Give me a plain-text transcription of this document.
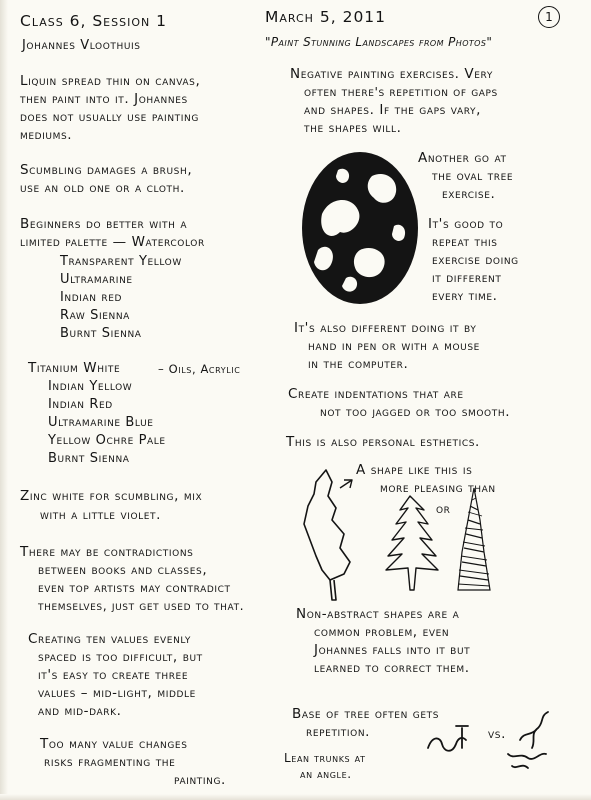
Class 6, Session 1
Johannes Vloothuis
March 5, 2011
"Paint Stunning Landscapes from Photos"
1
Liquin spread thin on canvas,
then paint into it. Johannes
does not usually use painting
mediums.
Scumbling damages a brush,
use an old one or a cloth.
Beginners do better with a
limited palette — Watercolor
Transparent Yellow
Ultramarine
Indian red
Raw Sienna
Burnt Sienna
Titanium White	– Oils, Acrylic
Indian Yellow
Indian Red
Ultramarine Blue
Yellow Ochre Pale
Burnt Sienna
Zinc white for scumbling, mix
with a little violet.
There may be contradictions
between books and classes,
even top artists may contradict
themselves, just get used to that.
Creating ten values evenly
spaced is too difficult, but
it's easy to create three
values – mid-light, middle
and mid-dark.
Too many value changes
risks fragmenting the
painting.
Negative painting exercises. Very
often there's repetition of gaps
and shapes. If the gaps vary,
the shapes will.
Another go at
the oval tree
exercise.
It's good to
repeat this
exercise doing
it different
every time.
It's also different doing it by
hand in pen or with a mouse
in the computer.
Create indentations that are
not too jagged or too smooth.
This is also personal esthetics.
A shape like this is
more pleasing than
or
Non-abstract shapes are a
common problem, even
Johannes falls into it but
learned to correct them.
Base of tree often gets
repetition.
Lean trunks at
an angle.
vs.
